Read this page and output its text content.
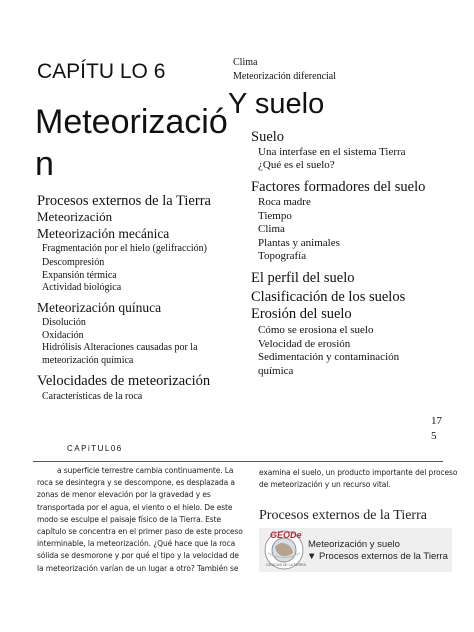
CAPÍTU LO 6
Meteorizació
n
Procesos externos de la Tierra
Meteorización
Meteorización mecánica
Fragmentación por el hielo (gelifracción)
Descompresión
Expansión térmica
Actividad biológica
Meteorización quínuca
Disolución
Oxidación
Hidrólisis Alteraciones causadas por la
meteorización química
Velocidades de meteorización
Características de la roca
Clima
Meteorización diferencial
Y suelo
Suelo
Una interfase en el sistema Tierra
¿Qué es el suelo?
Factores formadores del suelo
Roca madre
Tiempo
Clima
Plantas y animales
Topografía
El perfil del suelo
Clasificación de los suelos
Erosión del suelo
Cómo se erosiona el suelo
Velocidad de erosión
Sedimentación y contaminación
química
17
5
CAPiTUL06
a superficie terrestre cambia continuamente. La
roca se desintegra y se descompone, es desplazada a
zonas de menor elevación por la gravedad y es
transportada por el agua, el viento o el hielo. De este
modo se esculpe el paisaje físico de la Tierra. Este
capítulo se concentra en el primer paso de este proceso
interminable, la meteorización. ¿Qué hace que la roca
sólida se desmorone y por qué el tipo y la velocidad de
la meteorización varían de un lugar a otro? También se
examina el suelo, un producto importante del proceso
de meteorización y un recurso vital.
Procesos externos de la Tierra
GEODe
CIENCIAS DE LA TIERRA
Meteorización y suelo
▼ Procesos externos de la Tierra
